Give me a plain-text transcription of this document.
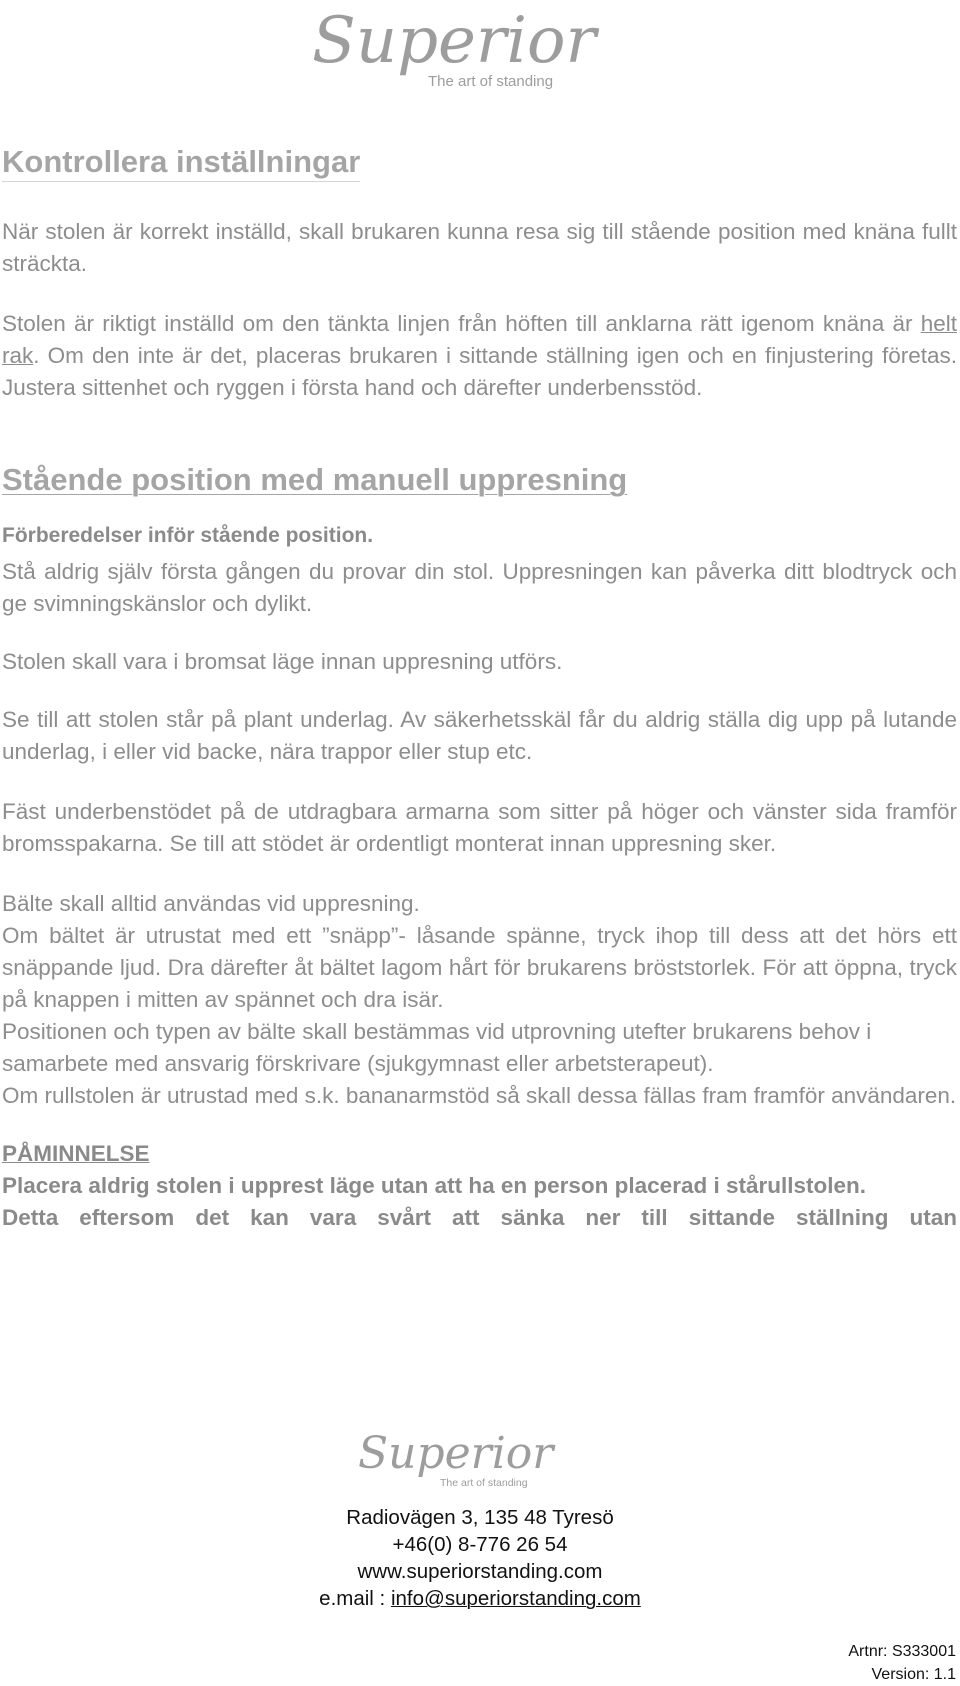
Superior
The art of standing
Kontrollera inställningar

När stolen är korrekt inställd, skall brukaren kunna resa sig till stående position med knäna fullt sträckta.

Stolen är riktigt inställd om den tänkta linjen från höften till anklarna rätt igenom knäna är helt rak. Om den inte är det, placeras brukaren i sittande ställning igen och en finjustering företas. Justera sittenhet och ryggen i första hand och därefter underbensstöd.

Stående position med manuell uppresning

Förberedelser inför stående position.

Stå aldrig själv första gången du provar din stol. Uppresningen kan påverka ditt blodtryck och ge svimningskänslor och dylikt.

Stolen skall vara i bromsat läge innan uppresning utförs.

Se till att stolen står på plant underlag. Av säkerhetsskäl får du aldrig ställa dig upp på lutande underlag, i eller vid backe, nära trappor eller stup etc.

Fäst underbenstödet på de utdragbara armarna som sitter på höger och vänster sida framför bromsspakarna. Se till att stödet är ordentligt monterat innan uppresning sker.

Bälte skall alltid användas vid uppresning.

Om bältet är utrustat med ett ”snäpp”- låsande spänne, tryck ihop till dess att det hörs ett snäppande ljud. Dra därefter åt bältet lagom hårt för brukarens bröststorlek. För att öppna, tryck på knappen i mitten av spännet och dra isär.

Positionen och typen av bälte skall bestämmas vid utprovning utefter brukarens behov i samarbete med ansvarig förskrivare (sjukgymnast eller arbetsterapeut).

Om rullstolen är utrustad med s.k. bananarmstöd så skall dessa fällas fram framför användaren.

PÅMINNELSE

Placera aldrig stolen i upprest läge utan att ha en person placerad i stårullstolen.

Detta eftersom det kan vara svårt att sänka ner till sittande ställning utan

Superior
The art of standing
Radiovägen 3, 135 48 Tyresö
+46(0) 8-776 26 54
www.superiorstanding.com
e.mail : info@superiorstanding.com
Artnr: S333001
Version: 1.1
